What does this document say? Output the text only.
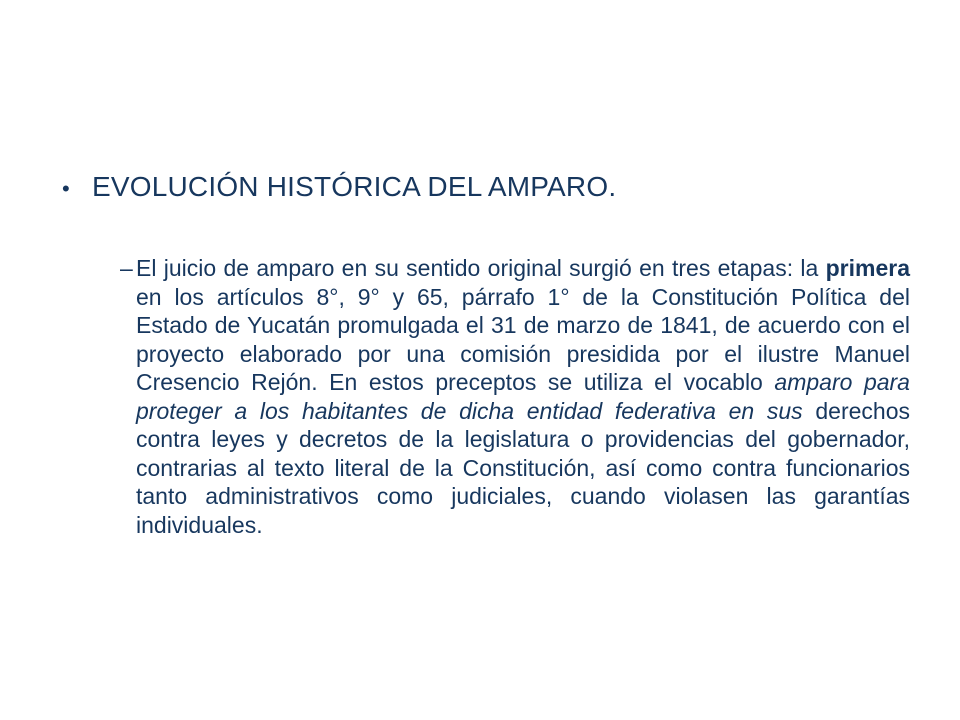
• EVOLUCIÓN HISTÓRICA DEL AMPARO.
– El juicio de amparo en su sentido original surgió en tres etapas: la primera en los artículos 8°, 9° y 65, párrafo 1° de la Constitución Política del Estado de Yucatán promulgada el 31 de marzo de 1841, de acuerdo con el proyecto elaborado por una comisión presidida por el ilustre Manuel Cresencio Rejón. En estos preceptos se utiliza el vocablo amparo para proteger a los habitantes de dicha entidad federativa en sus derechos contra leyes y decretos de la legislatura o providencias del gobernador, contrarias al texto literal de la Constitución, así como contra funcionarios tanto administrativos como judiciales, cuando violasen las garantías individuales.
